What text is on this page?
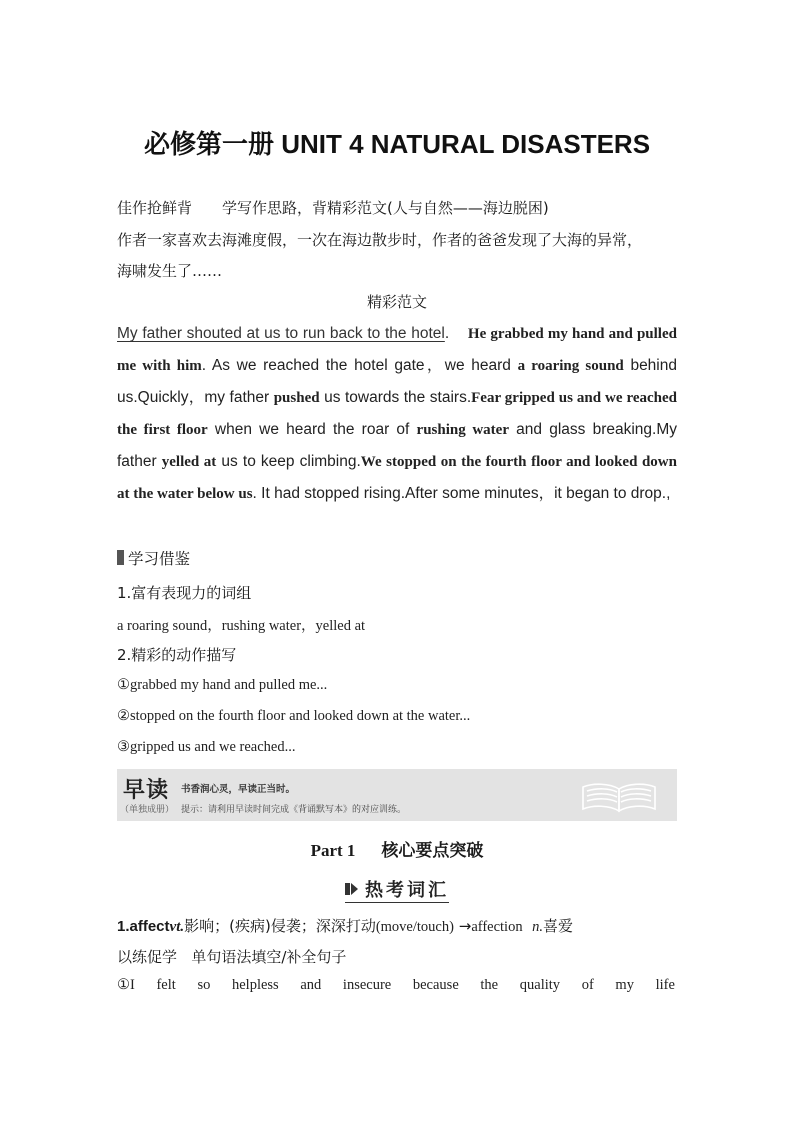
必修第一册 UNIT 4 NATURAL DISASTERS
佳作抢鲜背 学写作思路，背精彩范文(人与自然——海边脱困)
作者一家喜欢去海滩度假，一次在海边散步时，作者的爸爸发现了大海的异常，
海啸发生了……
精彩范文
My father shouted at us to run back to the hotel.    He grabbed my hand and pulled me with him. As we reached the hotel gate，we heard a roaring sound behind us.Quickly，my father pushed us towards the stairs.Fear gripped us and we reached the first floor when we heard the roar of rushing water and glass breaking.My father yelled at us to keep climbing.We stopped on the fourth floor and looked down at the water below us. It had stopped rising.After some minutes，it began to drop.,
学习借鉴
1.富有表现力的词组
a roaring sound，rushing water，yelled at
2.精彩的动作描写
①grabbed my hand and pulled me...
②stopped on the fourth floor and looked down at the water...
③gripped us and we reached...
早读
（单独成册）
书香润心灵，早读正当时。
提示：请利用早读时间完成《背诵默写本》的对应训练。
Part 1 核心要点突破
热考词汇
1.affectvt.影响；(疾病)侵袭；深深打动(move/touch) →affection n.喜爱
以练促学 单句语法填空/补全句子
①I felt so helpless and insecure because the quality of my life
